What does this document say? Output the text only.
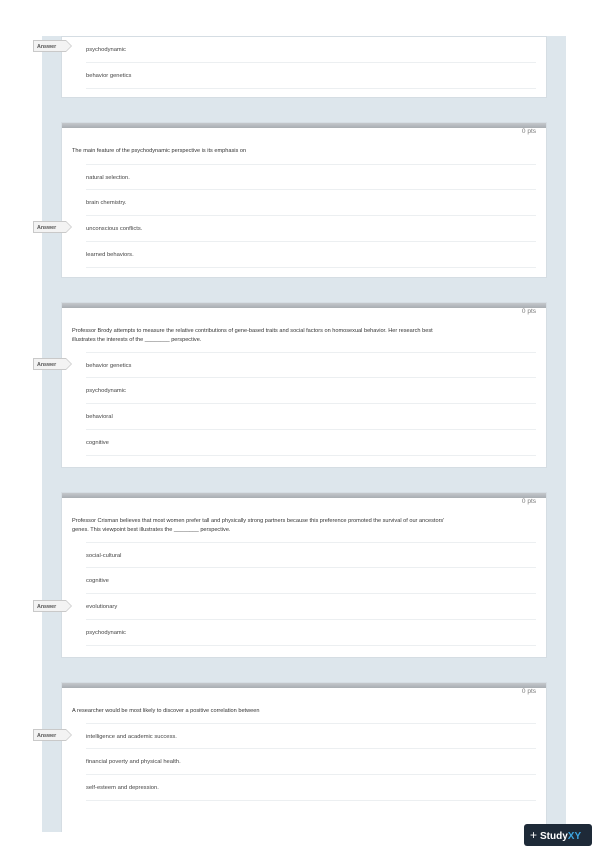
psychodynamic
behavior genetics
0 pts
The main feature of the psychodynamic perspective is its emphasis on
natural selection.
brain chemistry.
unconscious conflicts.
learned behaviors.
0 pts
Professor Brody attempts to measure the relative contributions of gene-based traits and social factors on homosexual behavior. Her research best
illustrates the interests of the ________ perspective.
behavior genetics
psychodynamic
behavioral
cognitive
0 pts
Professor Crisman believes that most women prefer tall and physically strong partners because this preference promoted the survival of our ancestors'
genes. This viewpoint best illustrates the ________ perspective.
social-cultural
cognitive
evolutionary
psychodynamic
0 pts
A researcher would be most likely to discover a positive correlation between
intelligence and academic success.
financial poverty and physical health.
self-esteem and depression.
Answer
Answer
Answer
Answer
Answer
+ StudyXY
